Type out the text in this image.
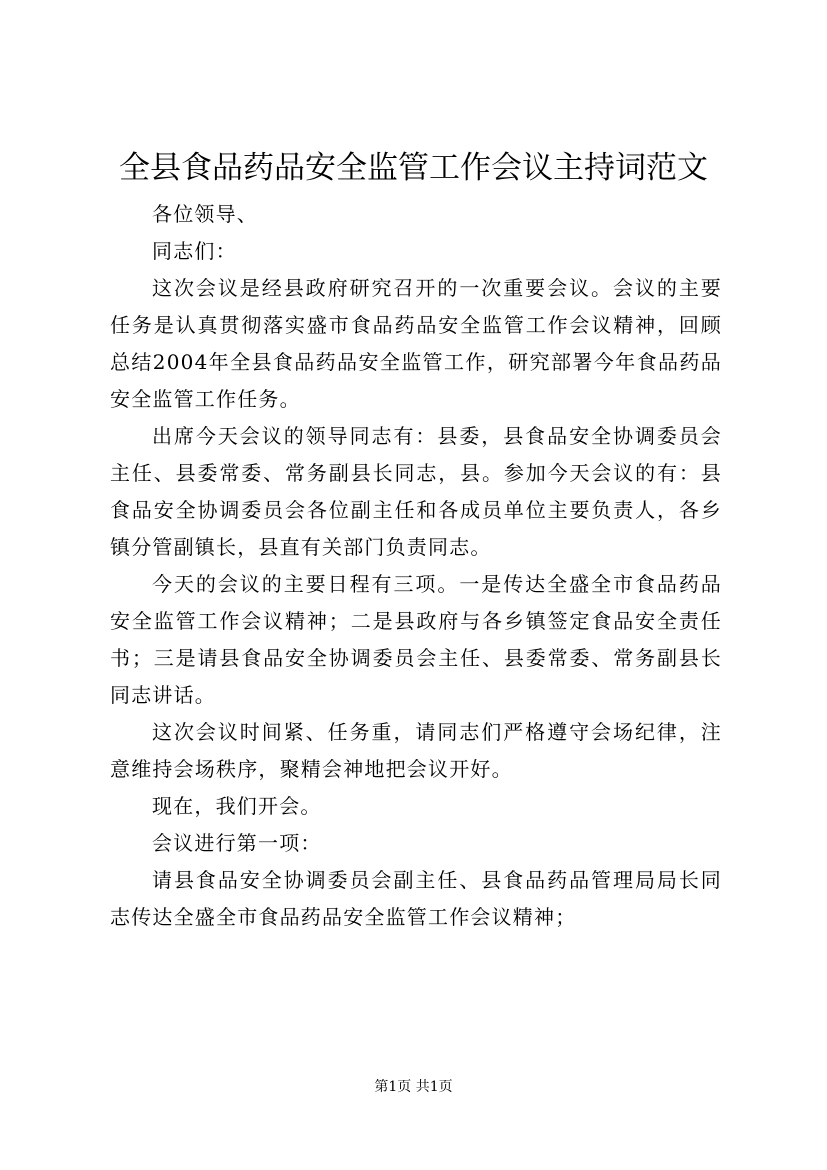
全县食品药品安全监管工作会议主持词范文

各位领导、

同志们：

这次会议是经县政府研究召开的一次重要会议。会议的主要任务是认真贯彻落实盛市食品药品安全监管工作会议精神，回顾总结2004年全县食品药品安全监管工作，研究部署今年食品药品安全监管工作任务。

出席今天会议的领导同志有：县委，县食品安全协调委员会主任、县委常委、常务副县长同志，县。参加今天会议的有：县食品安全协调委员会各位副主任和各成员单位主要负责人，各乡镇分管副镇长，县直有关部门负责同志。

今天的会议的主要日程有三项。一是传达全盛全市食品药品安全监管工作会议精神；二是县政府与各乡镇签定食品安全责任书；三是请县食品安全协调委员会主任、县委常委、常务副县长同志讲话。

这次会议时间紧、任务重，请同志们严格遵守会场纪律，注意维持会场秩序，聚精会神地把会议开好。

现在，我们开会。

会议进行第一项：

请县食品安全协调委员会副主任、县食品药品管理局局长同志传达全盛全市食品药品安全监管工作会议精神；

第1页 共1页
